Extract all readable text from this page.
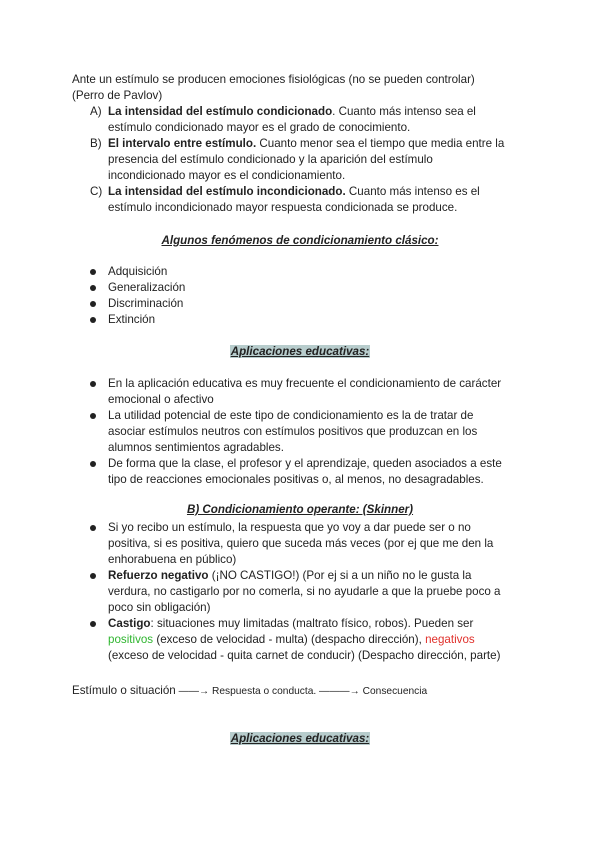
Ante un estímulo se producen emociones fisiológicas (no se pueden controlar)
(Perro de Pavlov)
A) La intensidad del estímulo condicionado. Cuanto más intenso sea el
estímulo condicionado mayor es el grado de conocimiento.
B) El intervalo entre estímulo. Cuanto menor sea el tiempo que media entre la
presencia del estímulo condicionado y la aparición del estímulo
incondicionado mayor es el condicionamiento.
C) La intensidad del estímulo incondicionado. Cuanto más intenso es el
estímulo incondicionado mayor respuesta condicionada se produce.
Algunos fenómenos de condicionamiento clásico:
Adquisición
Generalización
Discriminación
Extinción
Aplicaciones educativas:
En la aplicación educativa es muy frecuente el condicionamiento de carácter
emocional o afectivo
La utilidad potencial de este tipo de condicionamiento es la de tratar de
asociar estímulos neutros con estímulos positivos que produzcan en los
alumnos sentimientos agradables.
De forma que la clase, el profesor y el aprendizaje, queden asociados a este
tipo de reacciones emocionales positivas o, al menos, no desagradables.
B) Condicionamiento operante: (Skinner)
Si yo recibo un estímulo, la respuesta que yo voy a dar puede ser o no
positiva, si es positiva, quiero que suceda más veces (por ej que me den la
enhorabuena en público)
Refuerzo negativo (¡NO CASTIGO!) (Por ej si a un niño no le gusta la
verdura, no castigarlo por no comerla, si no ayudarle a que la pruebe poco a
poco sin obligación)
Castigo: situaciones muy limitadas (maltrato físico, robos). Pueden ser
positivos (exceso de velocidad - multa) (despacho dirección), negativos
(exceso de velocidad - quita carnet de conducir) (Despacho dirección, parte)
Estímulo o situación ——→ Respuesta o conducta. ———→ Consecuencia
Aplicaciones educativas:
